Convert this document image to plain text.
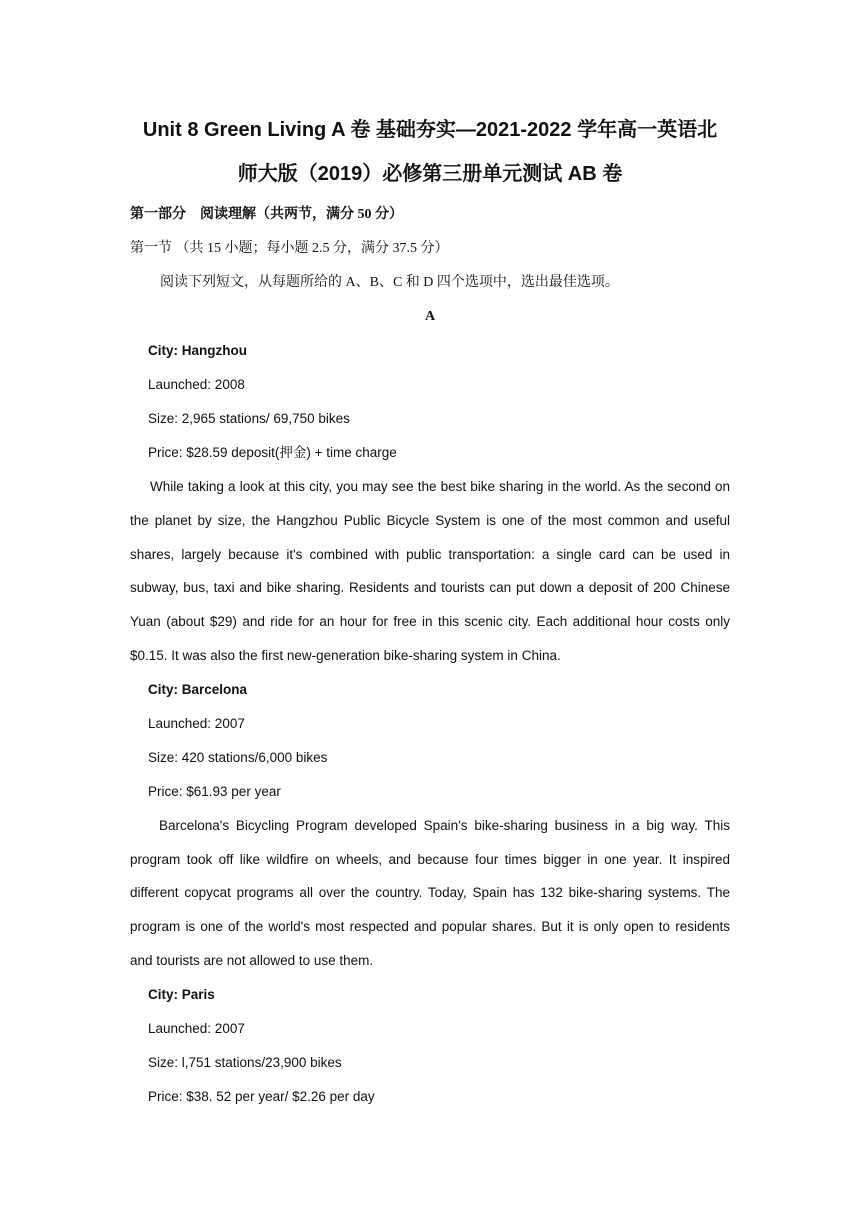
Unit 8 Green Living A 卷 基础夯实—2021-2022 学年高一英语北
师大版（2019）必修第三册单元测试 AB 卷
第一部分　阅读理解（共两节，满分 50 分）
第一节 （共 15 小题；每小题 2.5 分，满分 37.5 分）
阅读下列短文，从每题所给的 A、B、C 和 D 四个选项中，选出最佳选项。
A
City: Hangzhou
Launched: 2008
Size: 2,965 stations/ 69,750 bikes
Price: $28.59 deposit(押金) + time charge

While taking a look at this city, you may see the best bike sharing in the world. As the second on the planet by size, the Hangzhou Public Bicycle System is one of the most common and useful shares, largely because it's combined with public transportation: a single card can be used in subway, bus, taxi and bike sharing. Residents and tourists can put down a deposit of 200 Chinese Yuan (about $29) and ride for an hour for free in this scenic city. Each additional hour costs only $0.15. It was also the first new-generation bike-sharing system in China.

City: Barcelona
Launched: 2007
Size: 420 stations/6,000 bikes
Price: $61.93 per year

Barcelona's Bicycling Program developed Spain's bike-sharing business in a big way. This program took off like wildfire on wheels, and because four times bigger in one year. It inspired different copycat programs all over the country. Today, Spain has 132 bike-sharing systems. The program is one of the world's most respected and popular shares. But it is only open to residents and tourists are not allowed to use them.

City: Paris
Launched: 2007
Size: l,751 stations/23,900 bikes
Price: $38. 52 per year/ $2.26 per day
